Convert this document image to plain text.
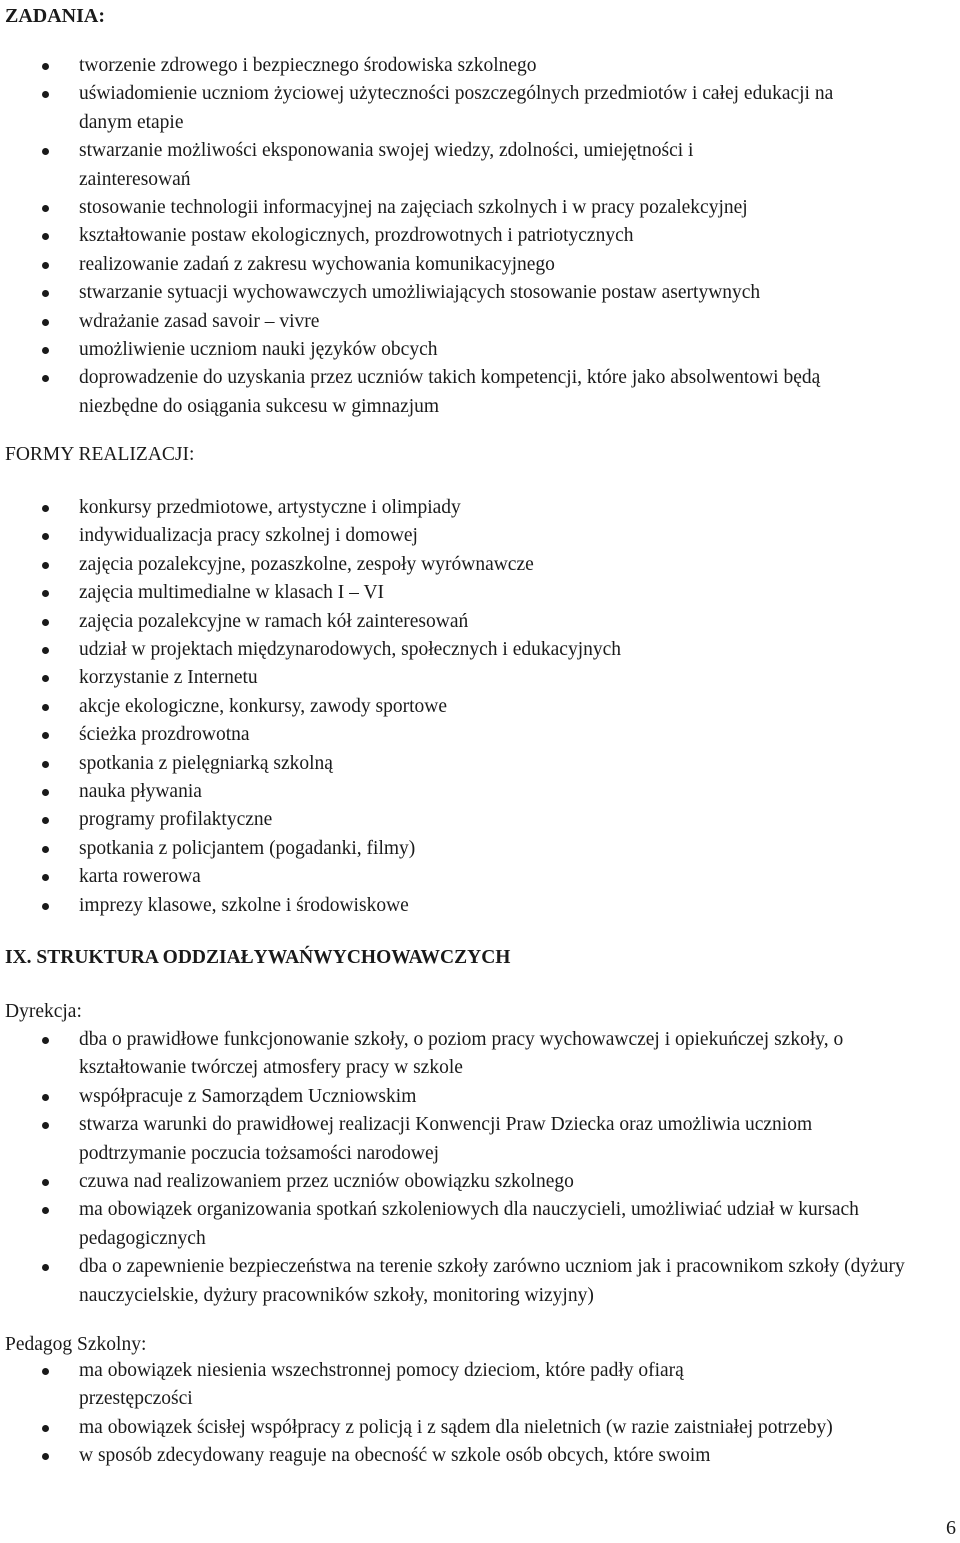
ZADANIA:
tworzenie zdrowego i bezpiecznego środowiska szkolnego
uświadomienie uczniom życiowej użyteczności poszczególnych przedmiotów i całej edukacji na danym etapie
stwarzanie możliwości eksponowania swojej wiedzy, zdolności, umiejętności i zainteresowań
stosowanie technologii informacyjnej na zajęciach szkolnych i w pracy pozalekcyjnej
kształtowanie postaw ekologicznych, prozdrowotnych i patriotycznych
realizowanie zadań z zakresu wychowania komunikacyjnego
stwarzanie sytuacji wychowawczych umożliwiających stosowanie postaw asertywnych
wdrażanie zasad savoir – vivre
umożliwienie uczniom nauki języków obcych
doprowadzenie do uzyskania przez uczniów takich kompetencji, które jako absolwentowi będą niezbędne do osiągania sukcesu w gimnazjum
FORMY REALIZACJI:
konkursy przedmiotowe, artystyczne i olimpiady
indywidualizacja pracy szkolnej i domowej
zajęcia pozalekcyjne, pozaszkolne, zespoły wyrównawcze
zajęcia multimedialne w klasach I – VI
zajęcia pozalekcyjne w ramach kół zainteresowań
udział w projektach międzynarodowych, społecznych i edukacyjnych
korzystanie z Internetu
akcje ekologiczne, konkursy, zawody sportowe
ścieżka prozdrowotna
spotkania z pielęgniarką szkolną
nauka pływania
programy profilaktyczne
spotkania z policjantem (pogadanki, filmy)
karta rowerowa
imprezy klasowe, szkolne i środowiskowe
IX. STRUKTURA ODDZIAŁYWAŃWYCHOWAWCZYCH
Dyrekcja:
dba o prawidłowe funkcjonowanie szkoły, o poziom pracy wychowawczej i opiekuńczej szkoły, o kształtowanie twórczej atmosfery pracy w szkole
współpracuje z Samorządem Uczniowskim
stwarza warunki do prawidłowej realizacji Konwencji Praw Dziecka oraz umożliwia uczniom podtrzymanie poczucia tożsamości narodowej
czuwa nad realizowaniem przez uczniów obowiązku szkolnego
ma obowiązek organizowania spotkań szkoleniowych dla nauczycieli, umożliwiać udział w kursach pedagogicznych
dba o zapewnienie bezpieczeństwa na terenie szkoły zarówno uczniom jak i pracownikom szkoły (dyżury nauczycielskie, dyżury pracowników szkoły, monitoring wizyjny)
Pedagog Szkolny:
ma obowiązek niesienia wszechstronnej pomocy dzieciom, które padły ofiarą przestępczości
ma obowiązek ścisłej współpracy z policją i z sądem dla nieletnich (w razie zaistniałej potrzeby)
w sposób zdecydowany reaguje na obecność w szkole osób obcych, które swoim
6
